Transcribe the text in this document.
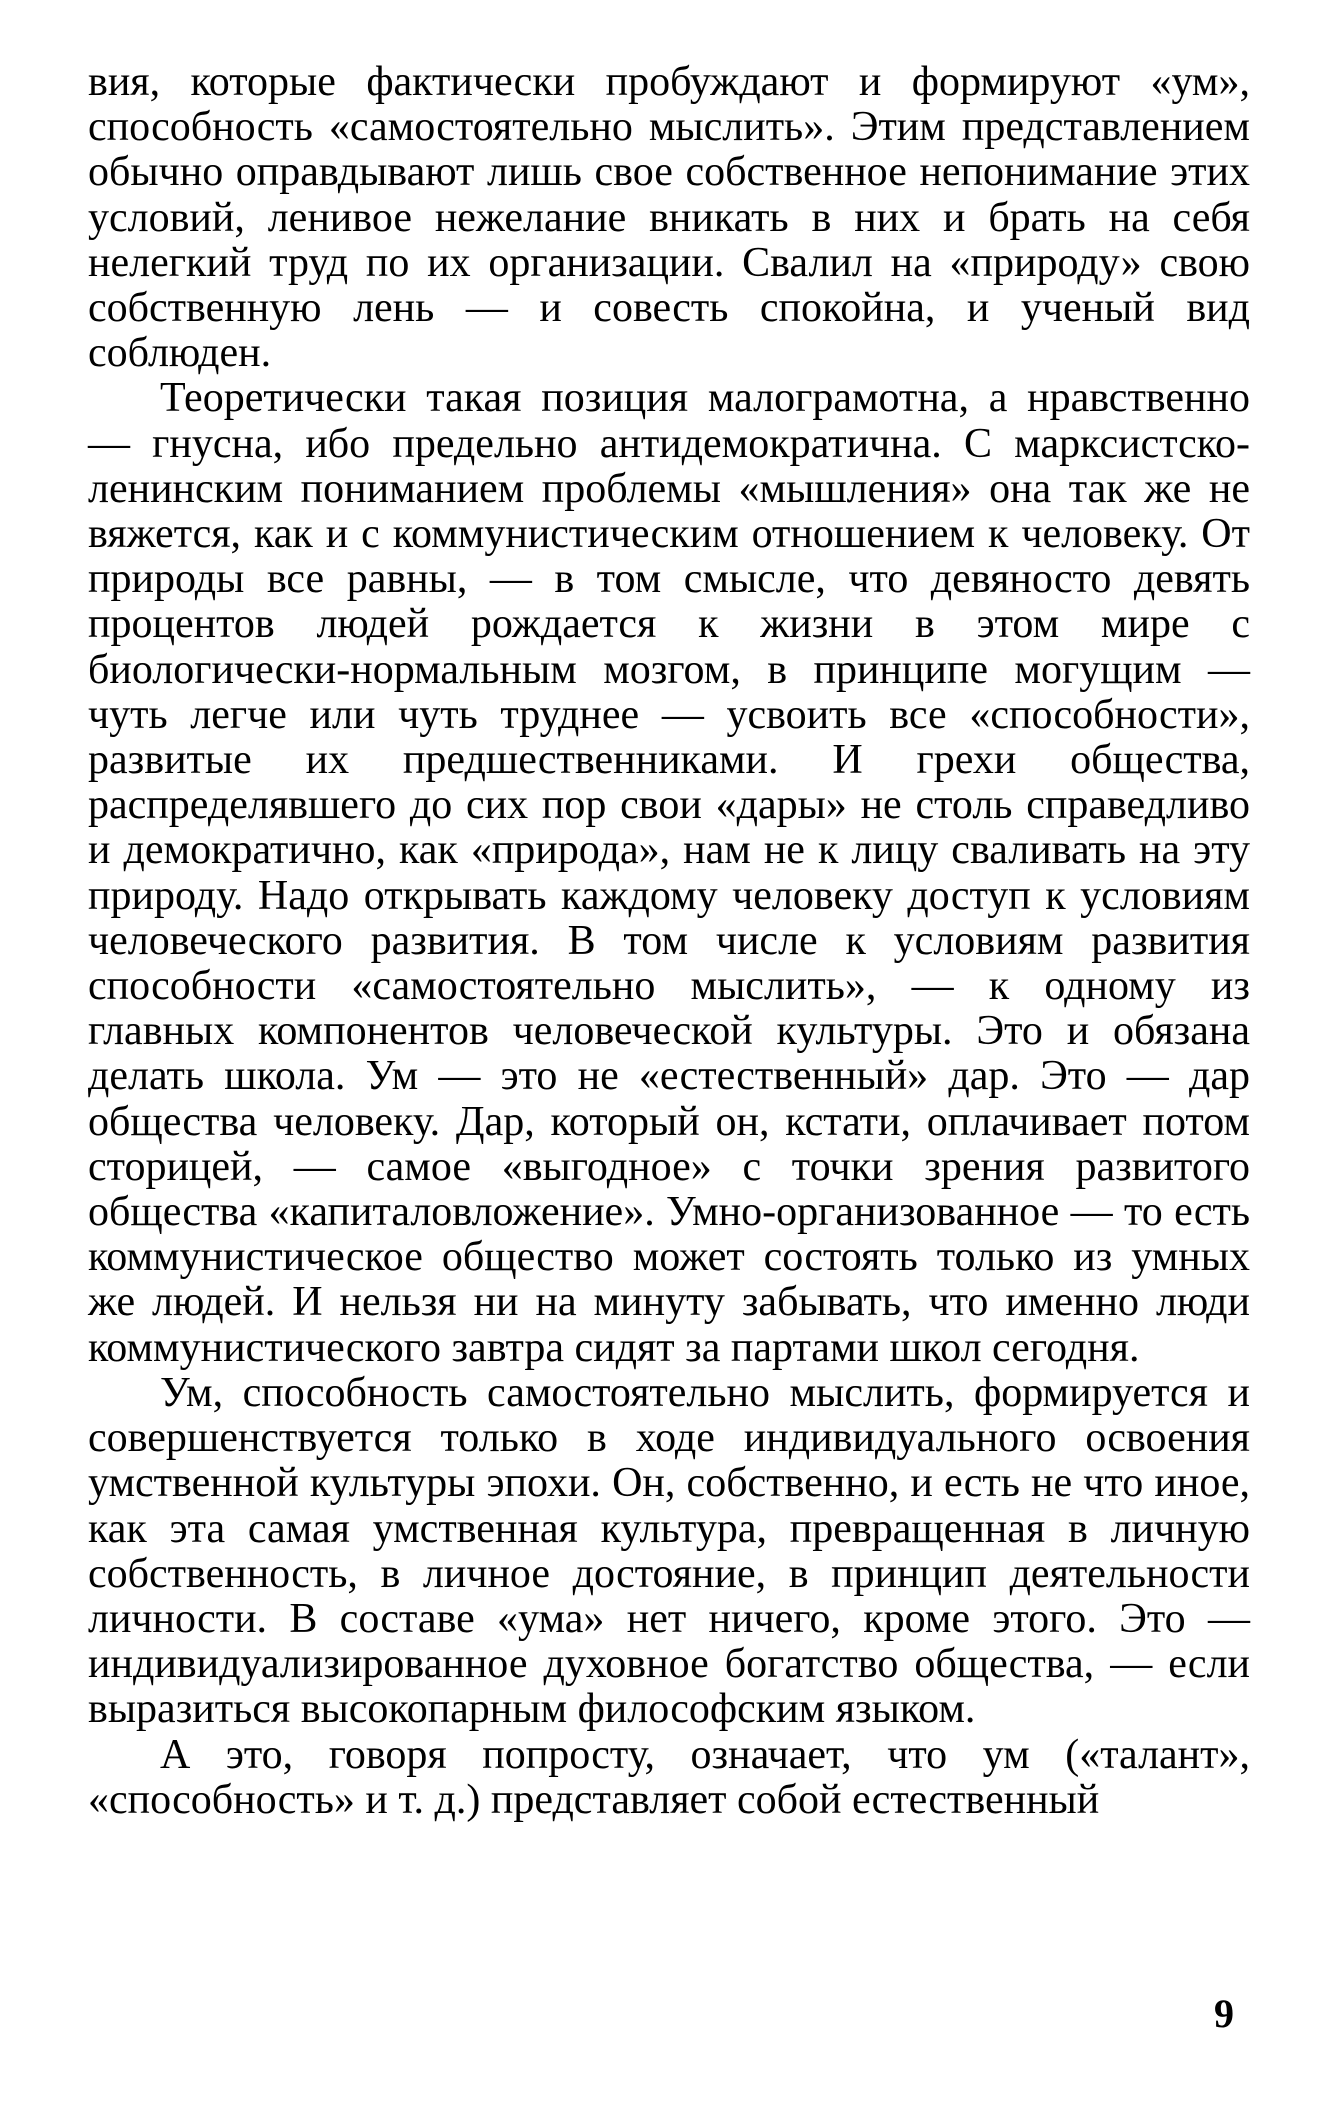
вия, которые фактически пробуждают и формируют «ум», способность «самостоятельно мыслить». Этим представлением обычно оправдывают лишь свое собственное непонимание этих условий, ленивое нежелание вникать в них и брать на себя нелегкий труд по их организации. Свалил на «природу» свою собственную лень — и совесть спокойна, и ученый вид соблюден.

Теоретически такая позиция малограмотна, а нравственно — гнусна, ибо предельно антидемократична. С марксистско-ленинским пониманием проблемы «мышления» она так же не вяжется, как и с коммунистическим отношением к человеку. От природы все равны, — в том смысле, что девяносто девять процентов людей рождается к жизни в этом мире с биологически-нормальным мозгом, в принципе могущим — чуть легче или чуть труднее — усвоить все «способности», развитые их предшественниками. И грехи общества, распределявшего до сих пор свои «дары» не столь справедливо и демократично, как «природа», нам не к лицу сваливать на эту природу. Надо открывать каждому человеку доступ к условиям человеческого развития. В том числе к условиям развития способности «самостоятельно мыслить», — к одному из главных компонентов человеческой культуры. Это и обязана делать школа. Ум — это не «естественный» дар. Это — дар общества человеку. Дар, который он, кстати, оплачивает потом сторицей, — самое «выгодное» с точки зрения развитого общества «капиталовложение». Умно-организованное — то есть коммунистическое общество может состоять только из умных же людей. И нельзя ни на минуту забывать, что именно люди коммунистического завтра сидят за партами школ сегодня.

Ум, способность самостоятельно мыслить, формируется и совершенствуется только в ходе индивидуального освоения умственной культуры эпохи. Он, собственно, и есть не что иное, как эта самая умственная культура, превращенная в личную собственность, в личное достояние, в принцип деятельности личности. В составе «ума» нет ничего, кроме этого. Это — индивидуализированное духовное богатство общества, — если выразиться высокопарным философским языком.

А это, говоря попросту, означает, что ум («талант», «способность» и т. д.) представляет собой естественный

9
